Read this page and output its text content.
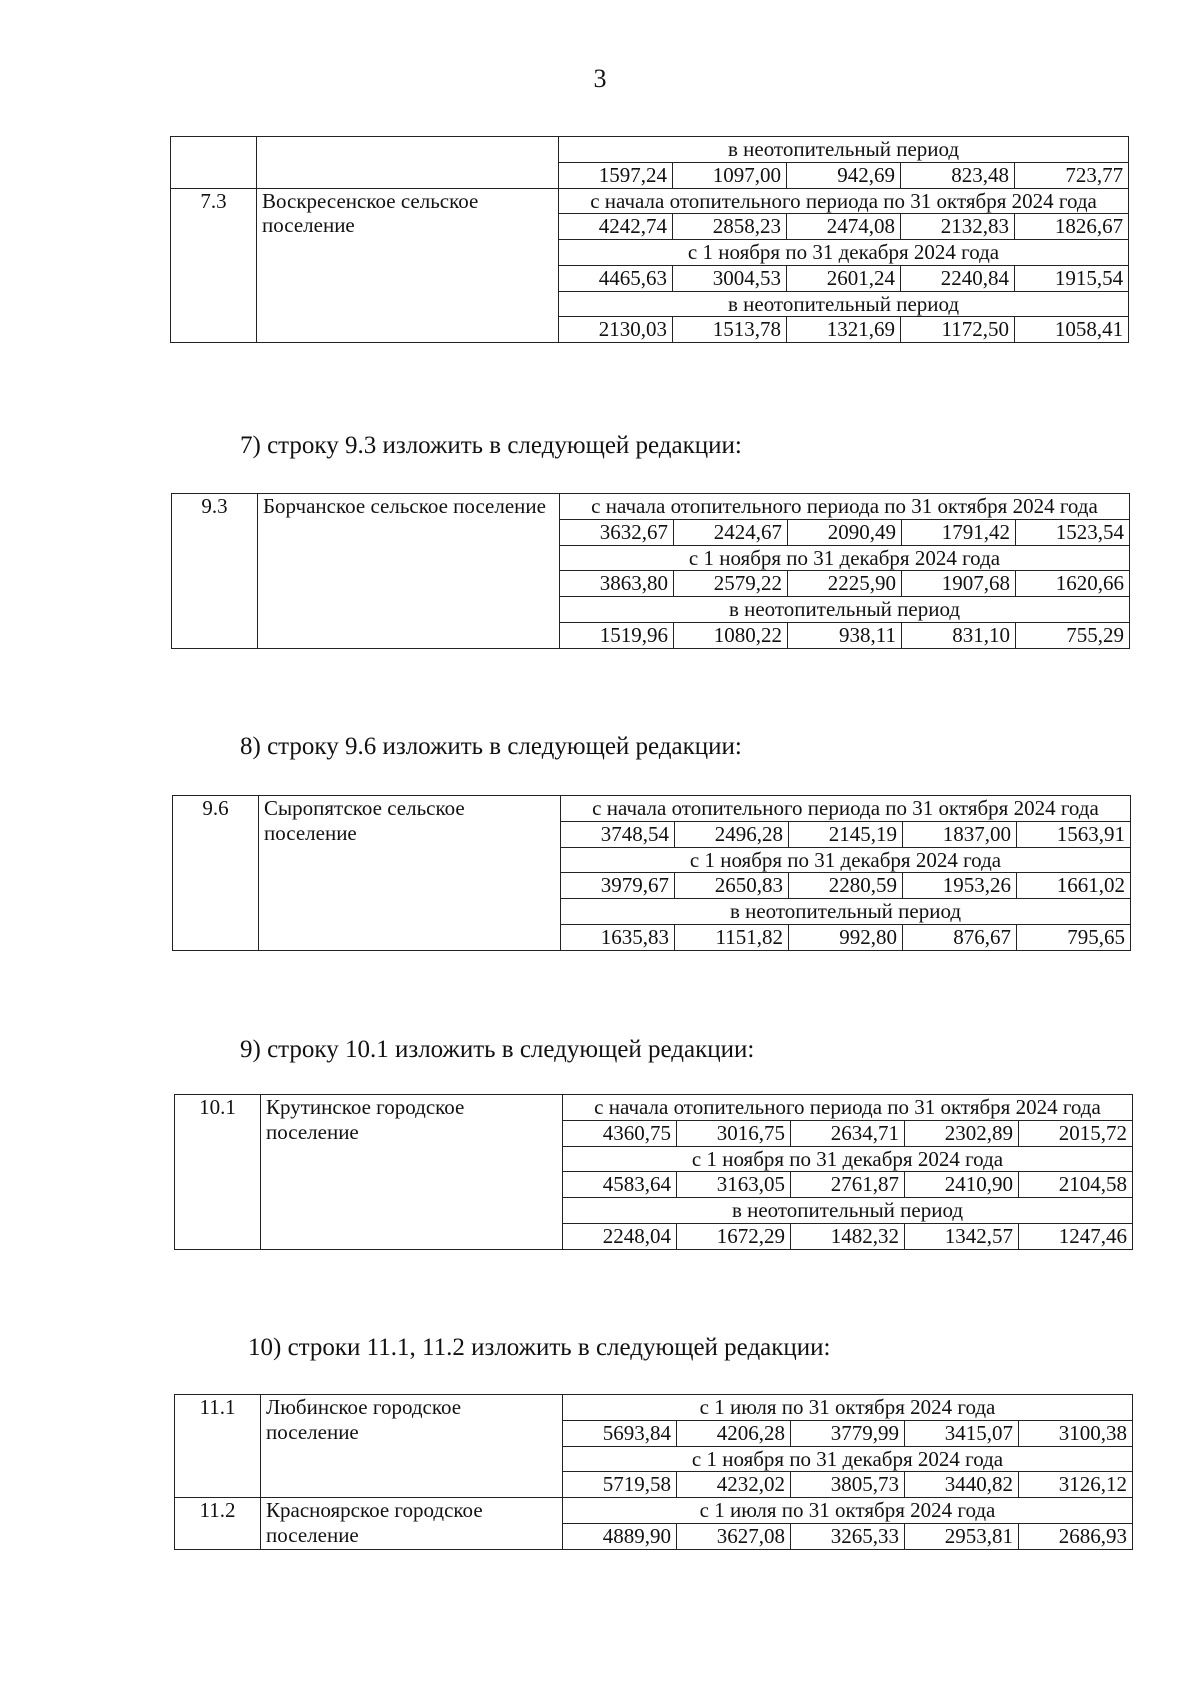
3
		в неотопительный период				
		1597,24	1097,00	942,69	823,48	723,77
7.3	Воскресенское сельское поселение	с начала отопительного периода по 31 октября 2024 года				
		4242,74	2858,23	2474,08	2132,83	1826,67
		с 1 ноября по 31 декабря 2024 года				
		4465,63	3004,53	2601,24	2240,84	1915,54
		в неотопительный период				
		2130,03	1513,78	1321,69	1172,50	1058,41
7) строку 9.3 изложить в следующей редакции:
9.3	Борчанское сельское поселение	с начала отопительного периода по 31 октября 2024 года				
		3632,67	2424,67	2090,49	1791,42	1523,54
		с 1 ноября по 31 декабря 2024 года				
		3863,80	2579,22	2225,90	1907,68	1620,66
		в неотопительный период				
		1519,96	1080,22	938,11	831,10	755,29
8) строку 9.6 изложить в следующей редакции:
9.6	Сыропятское сельское поселение	с начала отопительного периода по 31 октября 2024 года				
		3748,54	2496,28	2145,19	1837,00	1563,91
		с 1 ноября по 31 декабря 2024 года				
		3979,67	2650,83	2280,59	1953,26	1661,02
		в неотопительный период				
		1635,83	1151,82	992,80	876,67	795,65
9) строку 10.1 изложить в следующей редакции:
10.1	Крутинское городское поселение	с начала отопительного периода по 31 октября 2024 года				
		4360,75	3016,75	2634,71	2302,89	2015,72
		с 1 ноября по 31 декабря 2024 года				
		4583,64	3163,05	2761,87	2410,90	2104,58
		в неотопительный период				
		2248,04	1672,29	1482,32	1342,57	1247,46
10) строки 11.1, 11.2 изложить в следующей редакции:
11.1	Любинское городское поселение	с 1 июля по 31 октября 2024 года				
		5693,84	4206,28	3779,99	3415,07	3100,38
		с 1 ноября по 31 декабря 2024 года				
		5719,58	4232,02	3805,73	3440,82	3126,12
11.2	Красноярское городское поселение	с 1 июля по 31 октября 2024 года				
		4889,90	3627,08	3265,33	2953,81	2686,93
